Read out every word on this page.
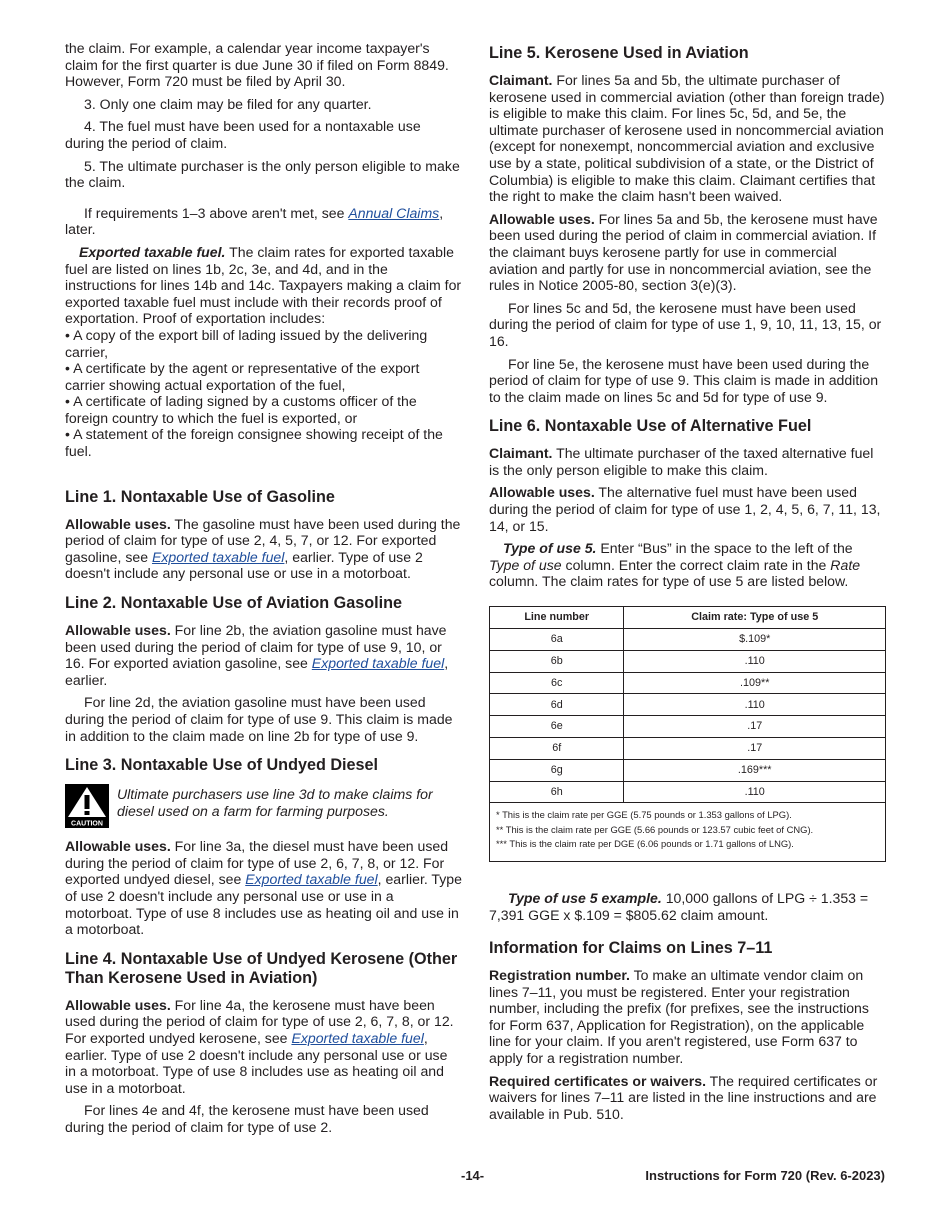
the claim. For example, a calendar year income taxpayer's claim for the first quarter is due June 30 if filed on Form 8849. However, Form 720 must be filed by April 30.

3. Only one claim may be filed for any quarter.

4. The fuel must have been used for a nontaxable use during the period of claim.

5. The ultimate purchaser is the only person eligible to make the claim.

If requirements 1–3 above aren't met, see Annual Claims, later.

Exported taxable fuel. The claim rates for exported taxable fuel are listed on lines 1b, 2c, 3e, and 4d, and in the instructions for lines 14b and 14c. Taxpayers making a claim for exported taxable fuel must include with their records proof of exportation. Proof of exportation includes:

• A copy of the export bill of lading issued by the delivering carrier,
• A certificate by the agent or representative of the export carrier showing actual exportation of the fuel,
• A certificate of lading signed by a customs officer of the foreign country to which the fuel is exported, or
• A statement of the foreign consignee showing receipt of the fuel.
Line 1. Nontaxable Use of Gasoline

Allowable uses. The gasoline must have been used during the period of claim for type of use 2, 4, 5, 7, or 12. For exported gasoline, see Exported taxable fuel, earlier. Type of use 2 doesn't include any personal use or use in a motorboat.

Line 2. Nontaxable Use of Aviation Gasoline

Allowable uses. For line 2b, the aviation gasoline must have been used during the period of claim for type of use 9, 10, or 16. For exported aviation gasoline, see Exported taxable fuel, earlier.

For line 2d, the aviation gasoline must have been used during the period of claim for type of use 9. This claim is made in addition to the claim made on line 2b for type of use 9.

Line 3. Nontaxable Use of Undyed Diesel
CAUTION
Ultimate purchasers use line 3d to make claims for diesel used on a farm for farming purposes.

Allowable uses. For line 3a, the diesel must have been used during the period of claim for type of use 2, 6, 7, 8, or 12. For exported undyed diesel, see Exported taxable fuel, earlier. Type of use 2 doesn't include any personal use or use in a motorboat. Type of use 8 includes use as heating oil and use in a motorboat.

Line 4. Nontaxable Use of Undyed Kerosene (Other Than Kerosene Used in Aviation)

Allowable uses. For line 4a, the kerosene must have been used during the period of claim for type of use 2, 6, 7, 8, or 12. For exported undyed kerosene, see Exported taxable fuel, earlier. Type of use 2 doesn't include any personal use or use in a motorboat. Type of use 8 includes use as heating oil and use in a motorboat.

For lines 4e and 4f, the kerosene must have been used during the period of claim for type of use 2.

Line 5. Kerosene Used in Aviation

Claimant. For lines 5a and 5b, the ultimate purchaser of kerosene used in commercial aviation (other than foreign trade) is eligible to make this claim. For lines 5c, 5d, and 5e, the ultimate purchaser of kerosene used in noncommercial aviation (except for nonexempt, noncommercial aviation and exclusive use by a state, political subdivision of a state, or the District of Columbia) is eligible to make this claim. Claimant certifies that the right to make the claim hasn't been waived.

Allowable uses. For lines 5a and 5b, the kerosene must have been used during the period of claim in commercial aviation. If the claimant buys kerosene partly for use in commercial aviation and partly for use in noncommercial aviation, see the rules in Notice 2005-80, section 3(e)(3).

For lines 5c and 5d, the kerosene must have been used during the period of claim for type of use 1, 9, 10, 11, 13, 15, or 16.

For line 5e, the kerosene must have been used during the period of claim for type of use 9. This claim is made in addition to the claim made on lines 5c and 5d for type of use 9.

Line 6. Nontaxable Use of Alternative Fuel

Claimant. The ultimate purchaser of the taxed alternative fuel is the only person eligible to make this claim.

Allowable uses. The alternative fuel must have been used during the period of claim for type of use 1, 2, 4, 5, 6, 7, 11, 13, 14, or 15.

Type of use 5. Enter “Bus” in the space to the left of the Type of use column. Enter the correct claim rate in the Rate column. The claim rates for type of use 5 are listed below.

Line number	Claim rate: Type of use 5
6a	$.109*
6b	.110
6c	.109**
6d	.110
6e	.17
6f	.17
6g	.169***
6h	.110

* This is the claim rate per GGE (5.75 pounds or 1.353 gallons of LPG).
** This is the claim rate per GGE (5.66 pounds or 123.57 cubic feet of CNG).
*** This is the claim rate per DGE (6.06 pounds or 1.71 gallons of LNG).	

Type of use 5 example. 10,000 gallons of LPG ÷ 1.353 = 7,391 GGE x $.109 = $805.62 claim amount.

Information for Claims on Lines 7–11

Registration number. To make an ultimate vendor claim on lines 7–11, you must be registered. Enter your registration number, including the prefix (for prefixes, see the instructions for Form 637, Application for Registration), on the applicable line for your claim. If you aren't registered, use Form 637 to apply for a registration number.

Required certificates or waivers. The required certificates or waivers for lines 7–11 are listed in the line instructions and are available in Pub. 510.

-14-	Instructions for Form 720 (Rev. 6-2023)
